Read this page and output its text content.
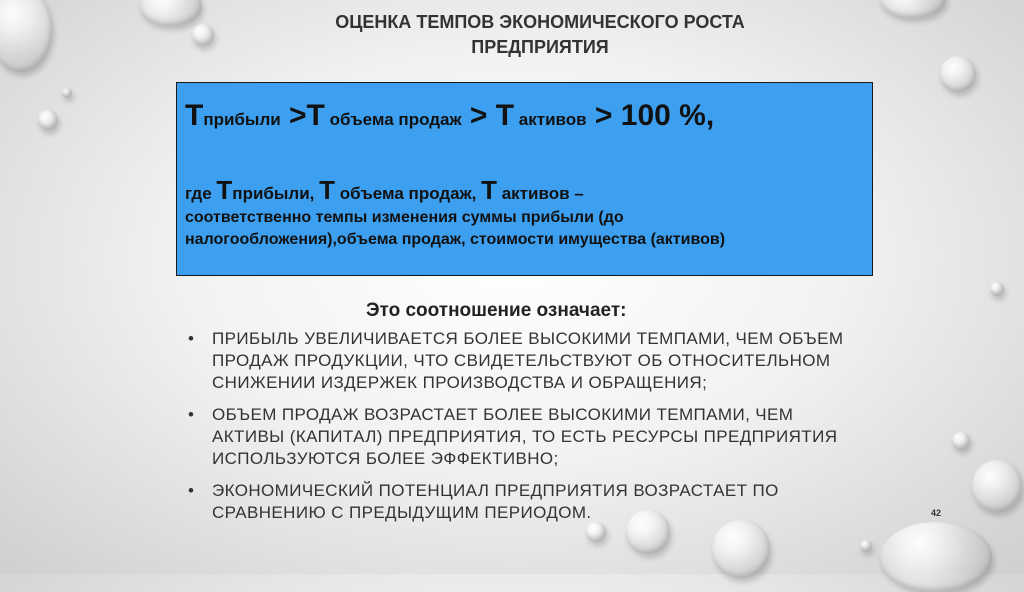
ОЦЕНКА ТЕМПОВ ЭКОНОМИЧЕСКОГО РОСТА
ПРЕДПРИЯТИЯ
Тприбыли >Т объема продаж > Т активов > 100 %,
где Тприбыли, Т объема продаж, Т активов –
соответственно темпы изменения суммы прибыли (до налогообложения),объема продаж, стоимости имущества (активов)
Это соотношение означает:
• ПРИБЫЛЬ УВЕЛИЧИВАЕТСЯ БОЛЕЕ ВЫСОКИМИ ТЕМПАМИ, ЧЕМ ОБЪЕМ ПРОДАЖ ПРОДУКЦИИ, ЧТО СВИДЕТЕЛЬСТВУЮТ ОБ ОТНОСИТЕЛЬНОМ СНИЖЕНИИ ИЗДЕРЖЕК ПРОИЗВОДСТВА И ОБРАЩЕНИЯ;
• ОБЪЕМ ПРОДАЖ ВОЗРАСТАЕТ БОЛЕЕ ВЫСОКИМИ ТЕМПАМИ, ЧЕМ АКТИВЫ (КАПИТАЛ) ПРЕДПРИЯТИЯ, ТО ЕСТЬ РЕСУРСЫ ПРЕДПРИЯТИЯ ИСПОЛЬЗУЮТСЯ БОЛЕЕ ЭФФЕКТИВНО;
• ЭКОНОМИЧЕСКИЙ ПОТЕНЦИАЛ ПРЕДПРИЯТИЯ ВОЗРАСТАЕТ ПО СРАВНЕНИЮ С ПРЕДЫДУЩИМ ПЕРИОДОМ.	42
